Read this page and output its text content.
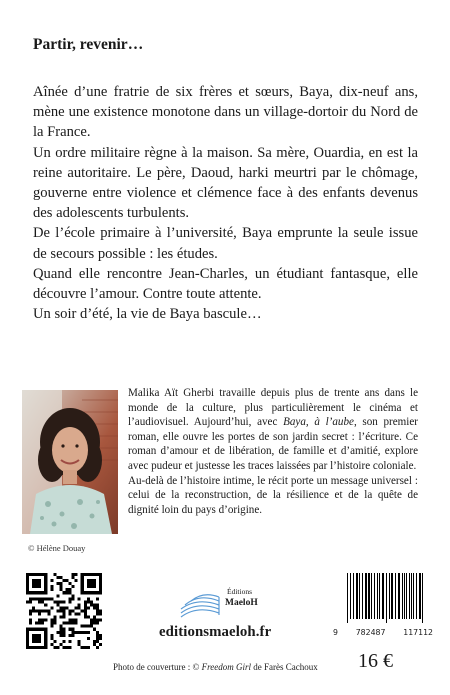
Partir, revenir…

Aînée d’une fratrie de six frères et sœurs, Baya, dix-neuf ans, mène une existence monotone dans un village-dortoir du Nord de la France.

Un ordre militaire règne à la maison. Sa mère, Ouardia, en est la reine autoritaire. Le père, Daoud, harki meurtri par le chômage, gouverne entre violence et clémence face à des enfants devenus des adolescents turbulents.

De l’école primaire à l’université, Baya emprunte la seule issue de secours possible : les études.

Quand elle rencontre Jean-Charles, un étudiant fantasque, elle découvre l’amour. Contre toute attente.

Un soir d’été, la vie de Baya bascule…

© Hélène Douay

Malika Aït Gherbi travaille depuis plus de trente ans dans le monde de la culture, plus particulièrement le cinéma et l’audiovisuel. Aujourd’hui, avec Baya, à l’aube, son premier roman, elle ouvre les portes de son jardin secret : l’écriture. Ce roman d’amour et de libération, de famille et d’amitié, explore avec pudeur et justesse les traces laissées par l’histoire coloniale.

Au-delà de l’histoire intime, le récit porte un message universel : celui de la reconstruction, de la résilience et de la quête de dignité loin du pays d’origine.

Éditions
MaeloH
editionsmaeloh.fr	9 782487 117112
16 €
Photo de couverture : © Freedom Girl de Farès Cachoux
